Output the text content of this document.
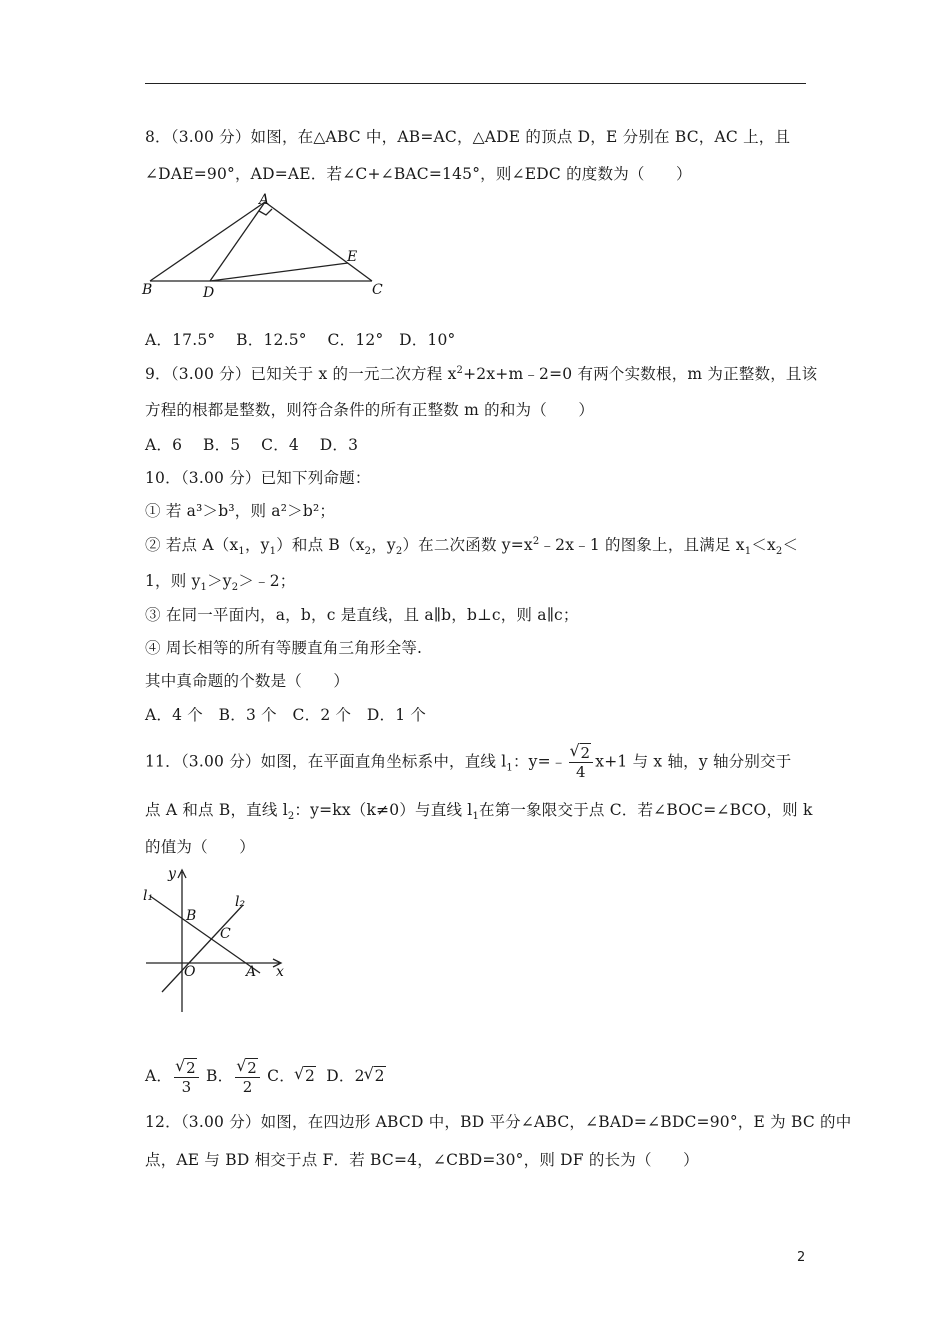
8．（3.00 分）如图，在△ABC 中，AB=AC，△ADE 的顶点 D，E 分别在 BC，AC 上，且
∠DAE=90°，AD=AE．若∠C+∠BAC=145°，则∠EDC 的度数为（　　）
A
B	D
E
C
A．17.5°　 B．12.5°　 C．12°　D．10°
9．（3.00 分）已知关于 x 的一元二次方程 $x^2+2x+m﹣2=0$ 有两个实数根，m 为正整数，且该
方程的根都是整数，则符合条件的所有正整数 m 的和为（　　）
A．6　 B．5　 C．4　 D．3
10．（3.00 分）已知下列命题：
① 若 a³＞b³，则 a²＞b²；
② 若点 $A(x_1$，$y_1$）和点 $B(x_2$，$y_2$）在二次函数 $y=x^2﹣2x﹣1$ 的图象上，且满足 $x_1<x_2<$
1，则 $y_1>y_2>﹣2$；
③ 在同一平面内，a，b，c 是直线，且 a∥b，b⊥c，则 a∥c；
④ 周长相等的所有等腰直角三角形全等.
其中真命题的个数是（　　）
A．4 个　B．3 个　C．2 个　D．1 个
11．（3.00 分）如图，在平面直角坐标系中，直线 $l_1$：y=﹣ √ $\frac{2}{4} x+1$ 与 x 轴，y 轴分别交于
点 A 和点 B，直线 $l_2$：y=kx（k≠0）与直线 $l_1$在第一象限交于点 C．若∠BOC=∠BCO，则 k
的值为（　　）
y
l₁	l₂
B
C
O	A x
A． √ $\frac{2}{3}$ B． √ $\frac{2}{2}$ C． √ 2 D．2 √ 2
12．（3.00 分）如图，在四边形 ABCD 中，BD 平分∠ABC，∠BAD=∠BDC=90°，E 为 BC 的中
点，AE 与 BD 相交于点 F．若 BC=4，∠CBD=30°，则 DF 的长为（　　）
2
